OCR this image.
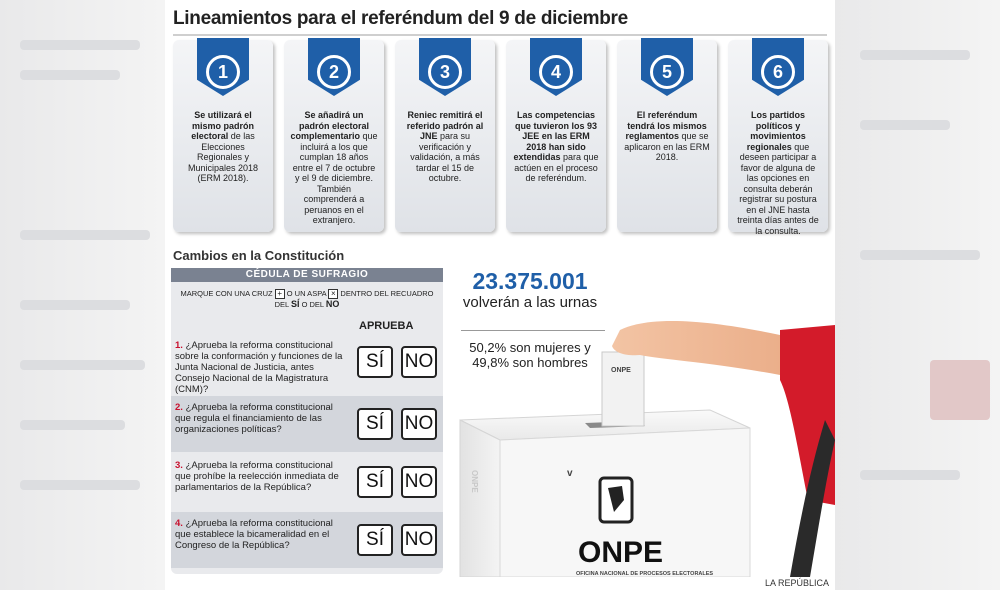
Lineamientos para el referéndum del 9 de diciembre
1
Se utilizará el mismo padrón electoral de las Elecciones Regionales y Municipales 2018 (ERM 2018).
2
Se añadirá un padrón electoral complementario que incluirá a los que cumplan 18 años entre el 7 de octubre y el 9 de diciembre. También comprenderá a peruanos en el extranjero.
3
Reniec remitirá el referido padrón al JNE para su verificación y validación, a más tardar el 15 de octubre.
4
Las competencias que tuvieron los 93 JEE en las ERM 2018 han sido extendidas para que actúen en el proceso de referéndum.
5
El referéndum tendrá los mismos reglamentos que se aplicaron en las ERM 2018.
6
Los partidos políticos y movimientos regionales que deseen participar a favor de alguna de las opciones en consulta deberán registrar su postura en el JNE hasta treinta días antes de la consulta.
Cambios en la Constitución
CÉDULA DE SUFRAGIO
MARQUE CON UNA CRUZ + O UN ASPA × DENTRO DEL RECUADRO
DEL SÍ O DEL NO
APRUEBA
1. ¿Aprueba la reforma constitucional sobre la conformación y funciones de la Junta Nacional de Justicia, antes Consejo Nacional de la Magistratura (CNM)?
SÍ	NO
2. ¿Aprueba la reforma constitucional que regula el financiamiento de las organizaciones políticas?	SÍ	NO
3. ¿Aprueba la reforma constitucional que prohíbe la reelección inmediata de parlamentarios de la República?	SÍ	NO
4. ¿Aprueba la reforma constitucional que establece la bicameralidad en el Congreso de la República?	SÍ	NO
23.375.001
volverán a las urnas
50,2% son mujeres y 49,8% son hombres
ONPE
ONPE	v
ONPE
OFICINA NACIONAL DE PROCESOS ELECTORALES
LA REPÚBLICA
